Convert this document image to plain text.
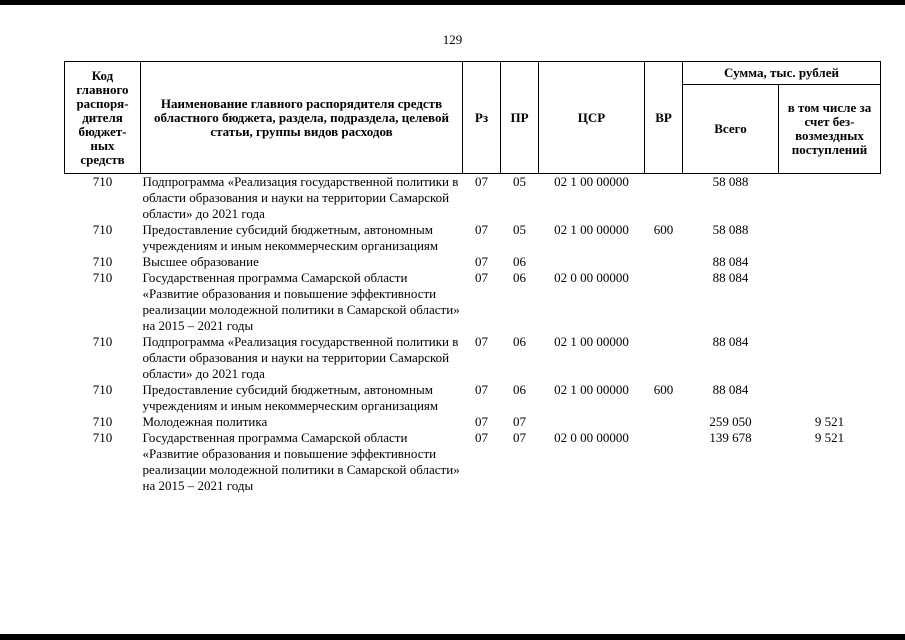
129
Код главного распоря-дителя бюджет-ных средств	Наименование главного распорядителя средств областного бюджета, раздела, подраздела, целевой статьи, группы видов расходов	Рз	ПР	ЦСР	ВР	Сумма, тыс. рублей	
						Всего	в том числе за счет без-возмездных поступлений
710	Подпрограмма «Реализация государственной политики в области образования и науки на территории Самарской области» до 2021 года	07	05	02 1 00 00000		58 088	
710	Предоставление субсидий бюджетным, автономным учреждениям и иным некоммерческим организациям	07	05	02 1 00 00000	600	58 088	
710	Высшее образование	07	06			88 084	
710	Государственная программа Самарской области «Развитие образования и повышение эффективности реализации молодежной политики в Самарской области» на 2015 – 2021 годы	07	06	02 0 00 00000		88 084	
710	Подпрограмма «Реализация государственной политики в области образования и науки на территории Самарской области» до 2021 года	07	06	02 1 00 00000		88 084	
710	Предоставление субсидий бюджетным, автономным учреждениям и иным некоммерческим организациям	07	06	02 1 00 00000	600	88 084	
710	Молодежная политика	07	07			259 050	9 521
710	Государственная программа Самарской области «Развитие образования и повышение эффективности реализации молодежной политики в Самарской области» на 2015 – 2021 годы	07	07	02 0 00 00000		139 678	9 521
